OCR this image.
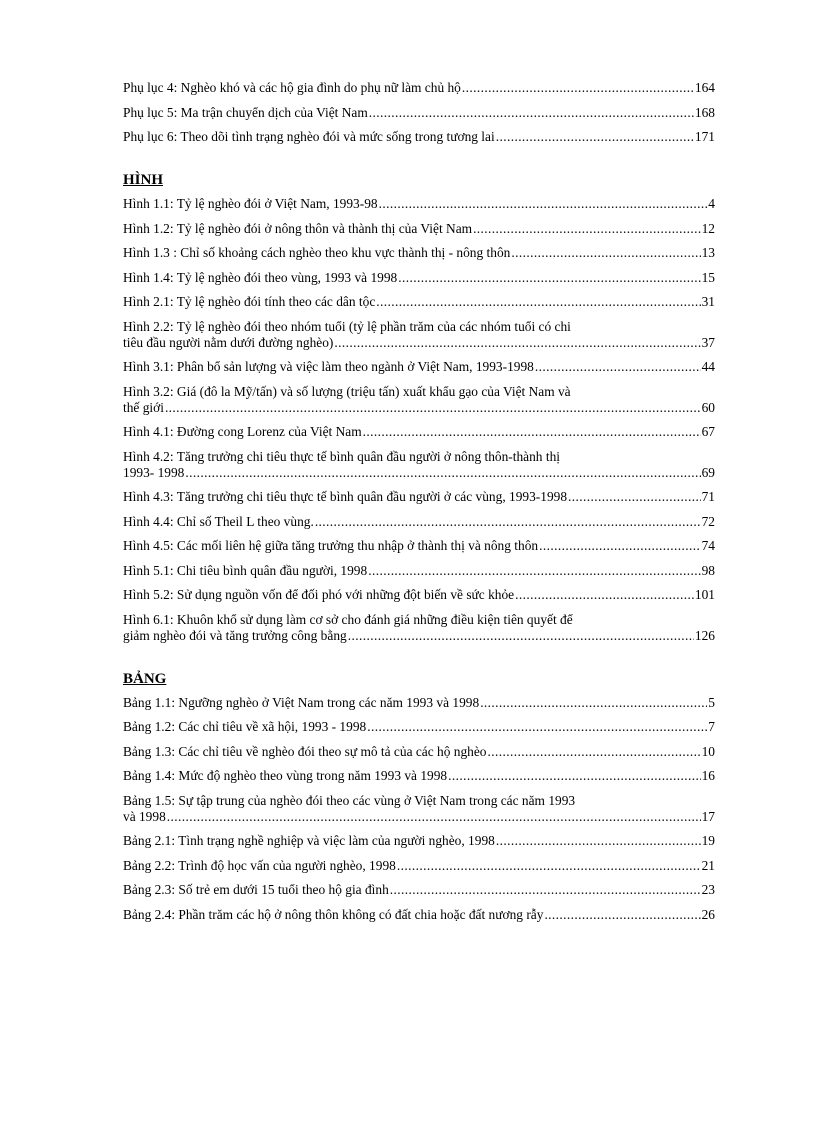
Phụ lục 4: Nghèo khó và các hộ gia đình do phụ nữ làm chủ hộ .....	164
Phụ lục 5: Ma trận chuyển dịch của Việt Nam .....	168
Phụ lục 6: Theo dõi tình trạng nghèo đói và mức sống trong tương lai .....	171
HÌNH
Hình 1.1: Tỷ lệ nghèo đói ở Việt Nam, 1993-98 .....	4
Hình 1.2: Tỷ lệ nghèo đói ở nông thôn và thành thị của Việt Nam .....	12
Hình 1.3 : Chỉ số khoảng cách nghèo theo khu vực thành thị - nông thôn .....	13
Hình 1.4: Tỷ lệ nghèo đói theo vùng, 1993 và 1998 .....	15
Hình 2.1: Tỷ lệ nghèo đói tính theo các dân tộc .....	31
Hình 2.2: Tỷ lệ nghèo đói theo nhóm tuổi (tỷ lệ phần trăm của các nhóm tuổi có chi
tiêu đầu người nằm dưới đường nghèo) .....	37
Hình 3.1: Phân bổ sản lượng và việc làm theo ngành ở Việt Nam, 1993-1998 .....	44
Hình 3.2: Giá (đô la Mỹ/tấn) và số lượng (triệu tấn) xuất khẩu gạo của Việt Nam và
thế giới .....	60
Hình 4.1: Đường cong Lorenz của Việt Nam .....	67
Hình 4.2: Tăng trưởng chi tiêu thực tế bình quân đầu người ở nông thôn-thành thị
1993- 1998 .....	69
Hình 4.3: Tăng trưởng chi tiêu thực tế bình quân đầu người ở các vùng, 1993-1998 .....	71
Hình 4.4: Chỉ số Theil L theo vùng. .....	72
Hình 4.5: Các mối liên hệ giữa tăng trưởng thu nhập ở thành thị và nông thôn .....	74
Hình 5.1: Chi tiêu bình quân đầu người, 1998 .....	98
Hình 5.2: Sử dụng nguồn vốn để đối phó với những đột biến về sức khỏe .....	101
Hình 6.1: Khuôn khổ sử dụng làm cơ sở cho đánh giá những điều kiện tiên quyết để
giảm nghèo đói và tăng trưởng công bằng .....	126
BẢNG
Bảng 1.1: Ngưỡng nghèo ở Việt Nam trong các năm 1993 và 1998 .....	5
Bảng 1.2: Các chỉ tiêu về xã hội, 1993 - 1998 .....	7
Bảng 1.3: Các chỉ tiêu về nghèo đói theo sự mô tả của các hộ nghèo .....	10
Bảng 1.4: Mức độ nghèo theo vùng trong năm 1993 và 1998 .....	16
Bảng 1.5: Sự tập trung của nghèo đói theo các vùng ở Việt Nam trong các năm 1993
và 1998 .....	17
Bảng 2.1: Tình trạng nghề nghiệp và việc làm của người nghèo, 1998 .....	19
Bảng 2.2: Trình độ học vấn của người nghèo, 1998 .....	21
Bảng 2.3: Số trẻ em dưới 15 tuổi theo hộ gia đình .....	23
Bảng 2.4: Phần trăm các hộ ở nông thôn không có đất chia hoặc đất nương rẫy .....	26
